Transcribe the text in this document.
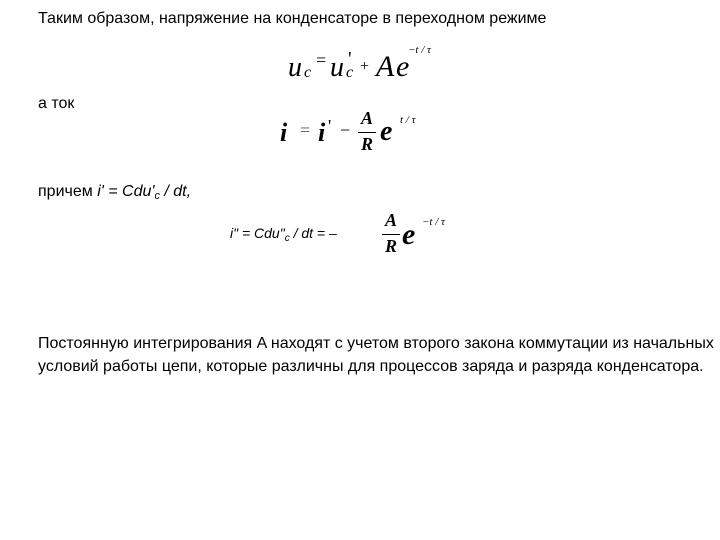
Таким образом, напряжение на конденсаторе в переходном режиме
u c
= u '
c + A e
−t / τ
а ток
i = i ' −
A
R e t / τ
причем $i' = Cdu'_c$ / dt,
i" = $Cdu"_c$ / dt = –
A
R e −t / τ
Постоянную интегрирования A находят с учетом второго закона коммутации из начальных условий работы цепи, которые различны для процессов заряда и разряда конденсатора.
